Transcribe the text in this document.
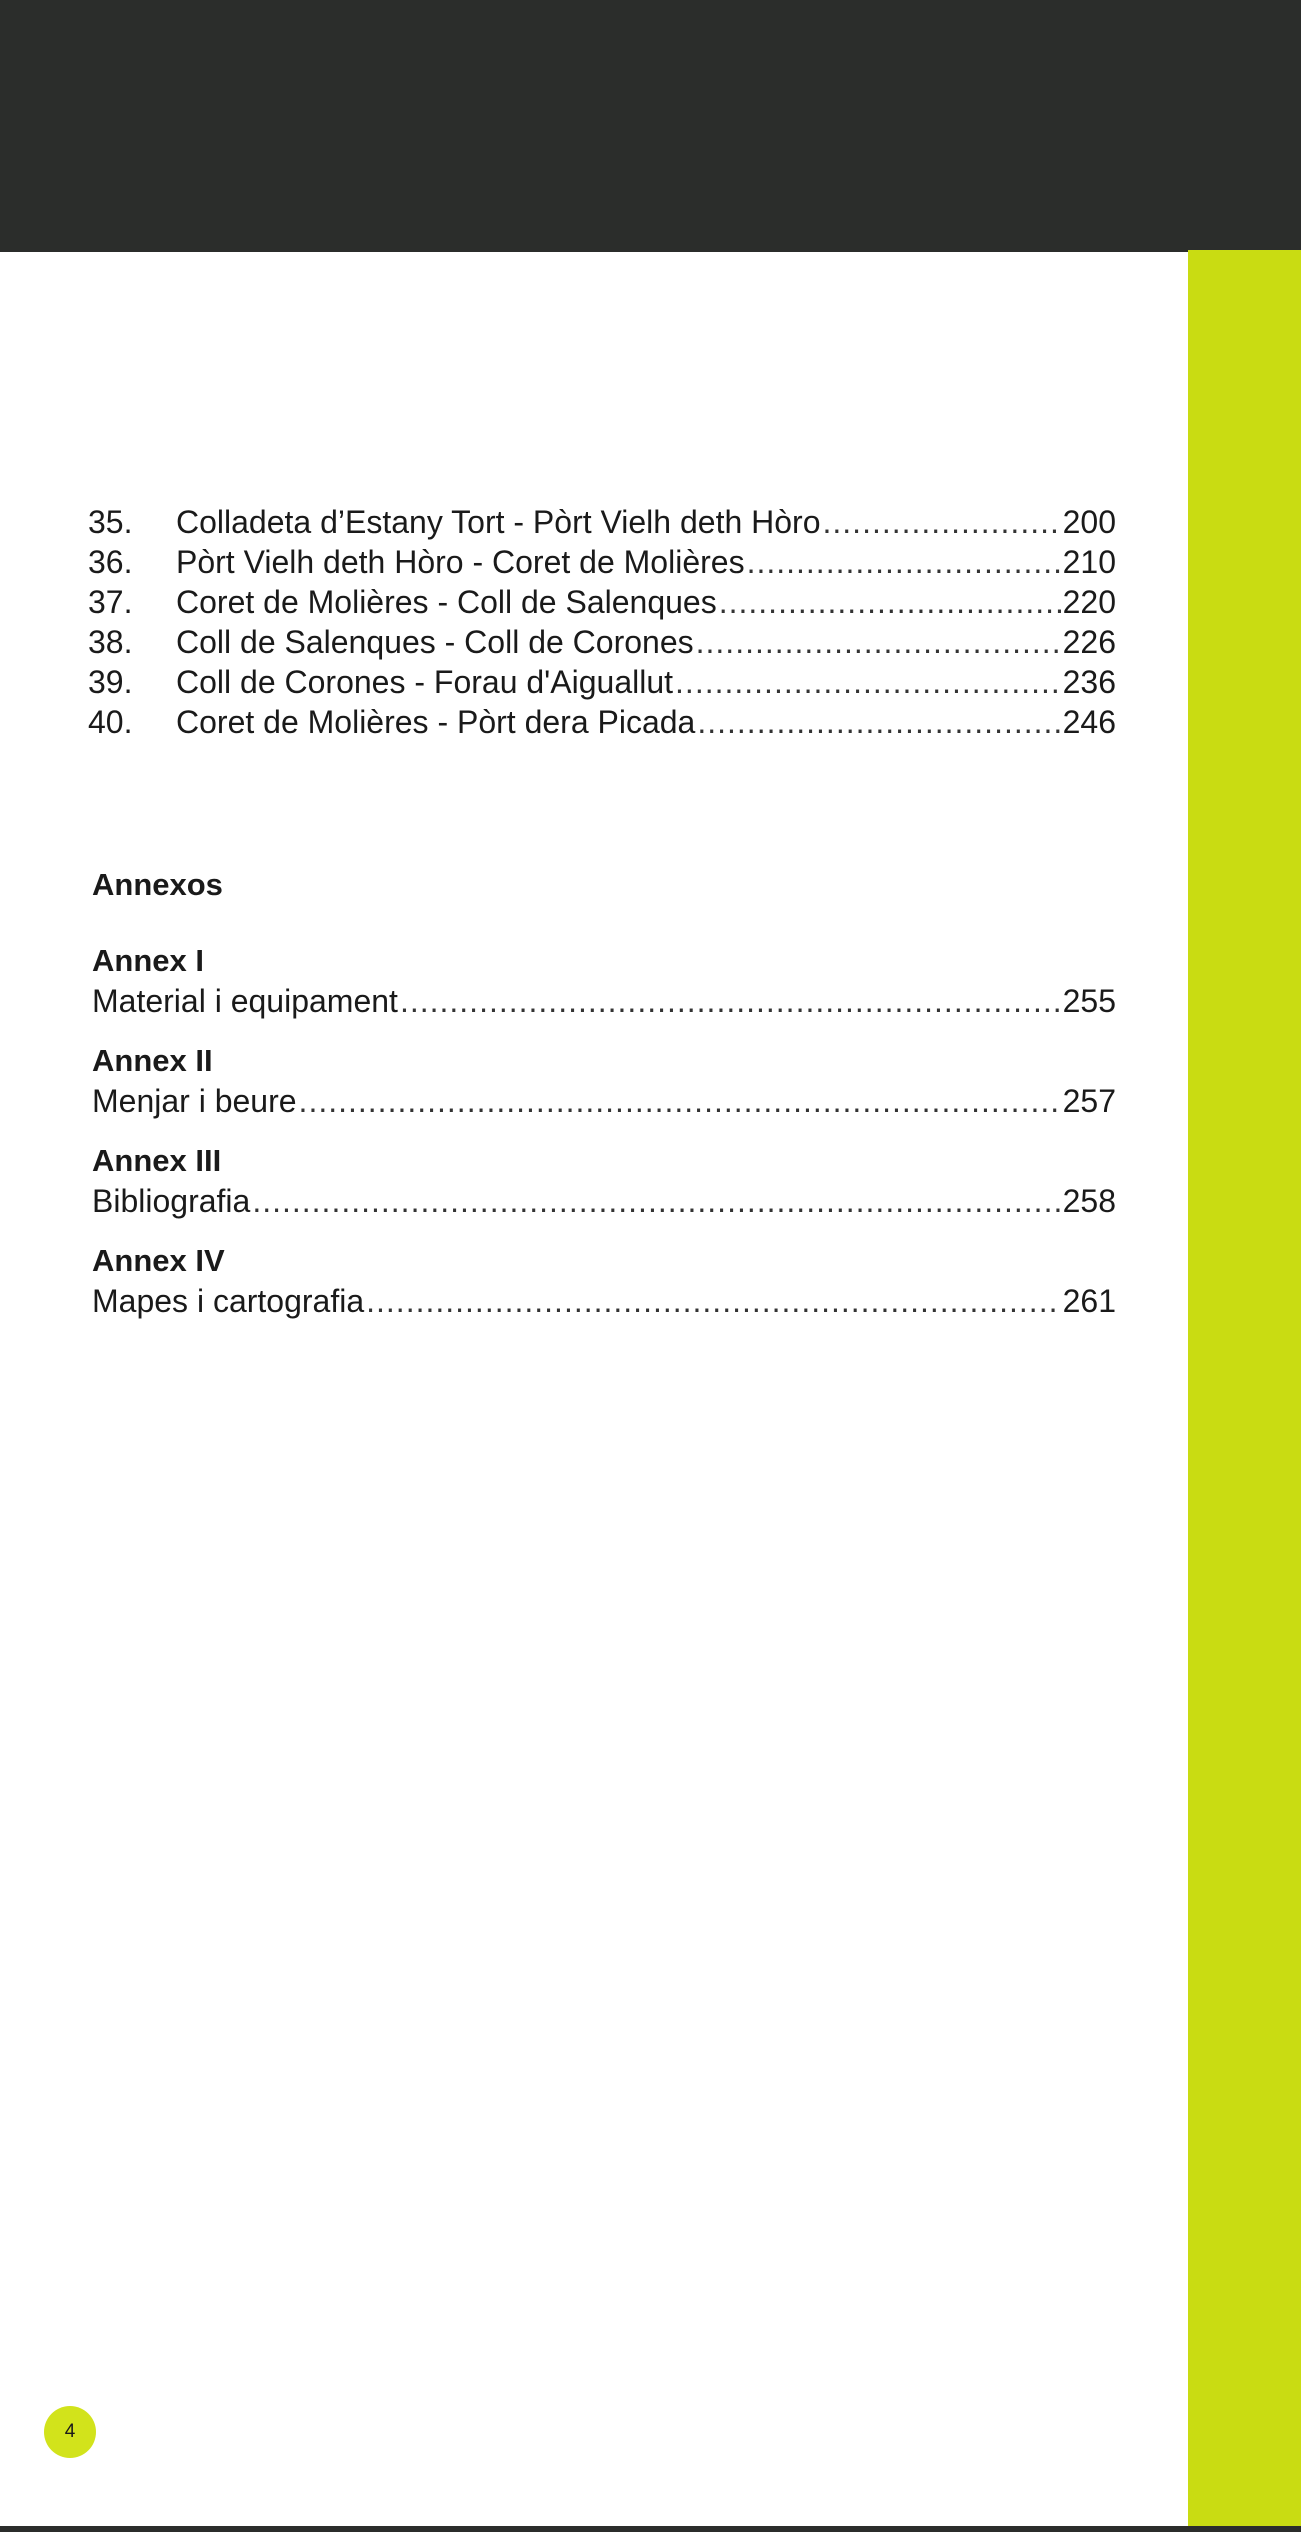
35.	Colladeta d’Estany Tort - Pòrt Vielh deth Hòro .....	200
36.	Pòrt Vielh deth Hòro - Coret de Molières .....	210
37.	Coret de Molières - Coll de Salenques .....	220
38.	Coll de Salenques - Coll de Corones .....	226
39.	Coll de Corones - Forau d'Aiguallut .....	236
40.	Coret de Molières - Pòrt dera Picada .....	246
Annexos
Annex I
Material i equipament .....	255
Annex II
Menjar i beure .....	257
Annex III
Bibliografia .....	258
Annex IV
Mapes i cartografia .....	261
4
